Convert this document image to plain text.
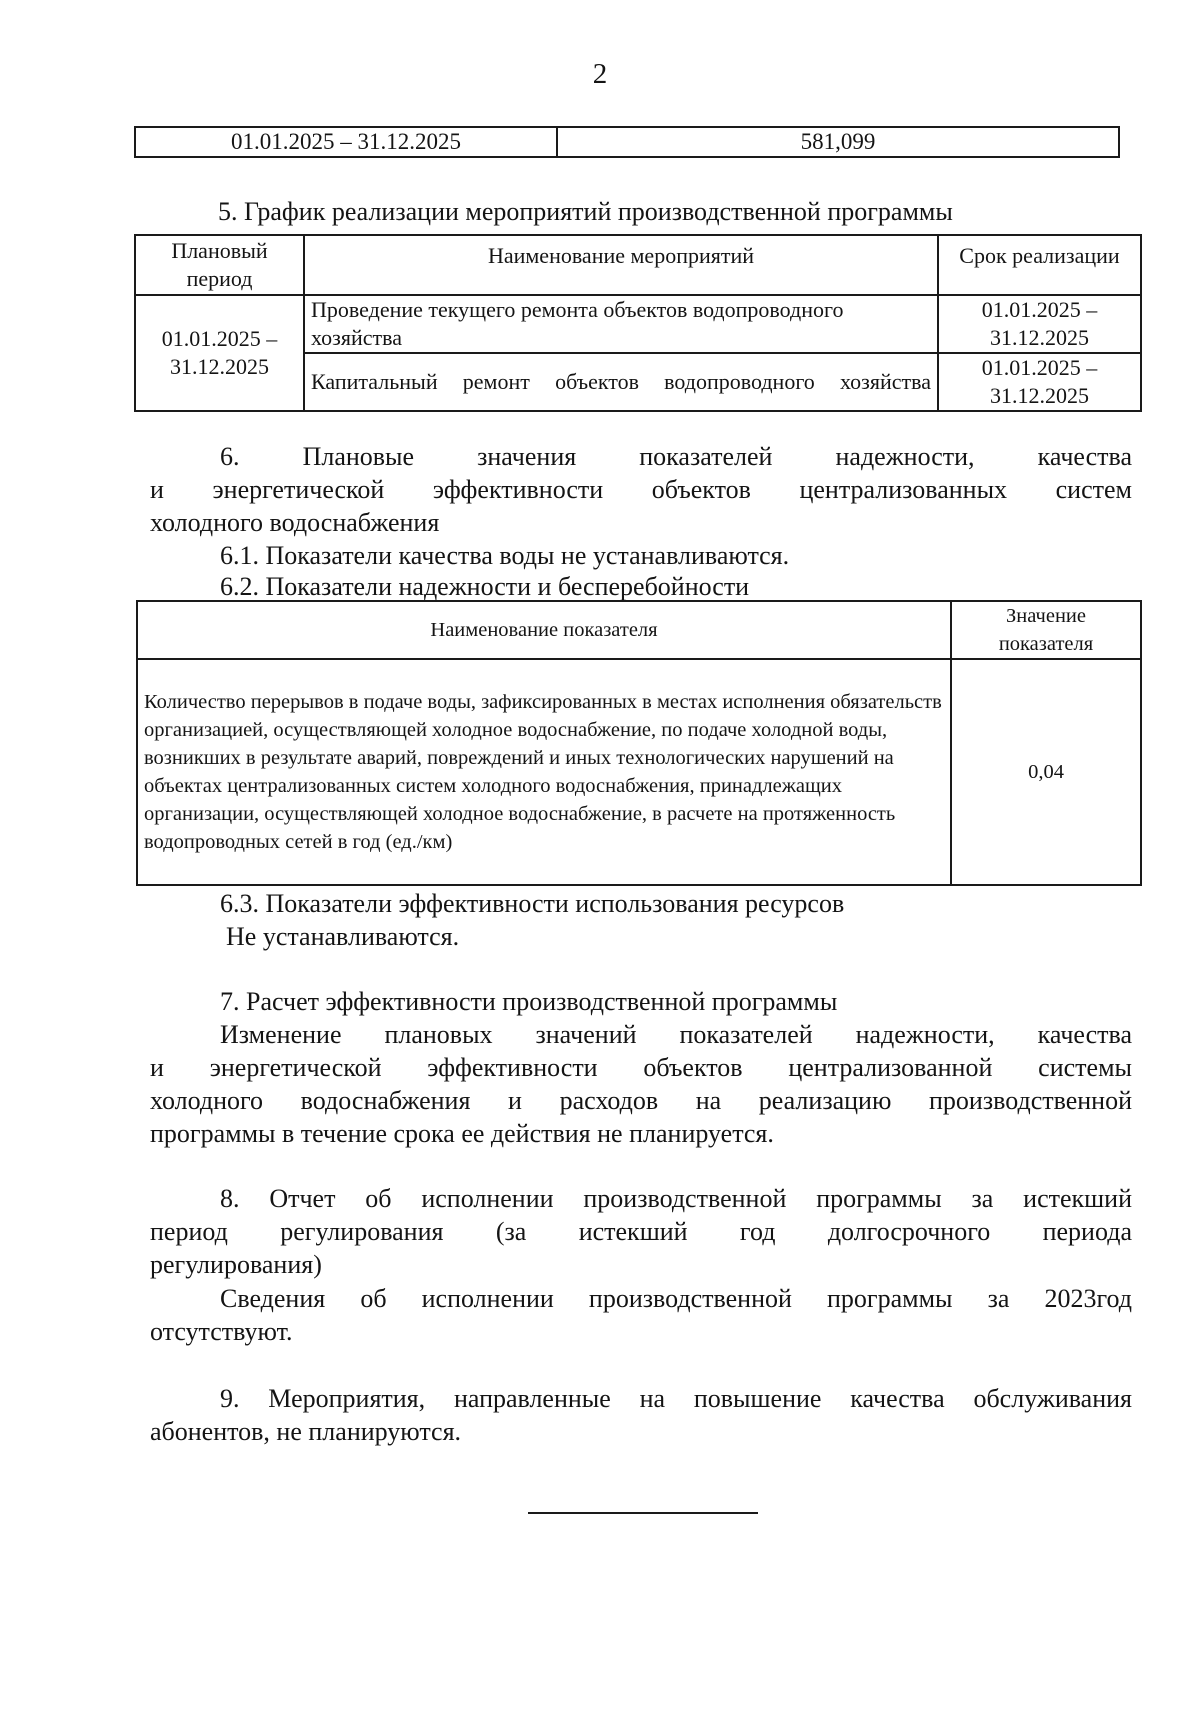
2
01.01.2025 – 31.12.2025	581,099
5. График реализации мероприятий производственной программы
Плановый период	Наименование мероприятий	Срок реализации
01.01.2025 – 31.12.2025	Проведение текущего ремонта объектов водопроводного хозяйства	01.01.2025 – 31.12.2025

	Капитальный ремонт объектов водопроводного хозяйства	01.01.2025 – 31.12.2025
6. Плановые значения показателей надежности, качества
и энергетической эффективности объектов централизованных систем
холодного водоснабжения
6.1. Показатели качества воды не устанавливаются.
6.2. Показатели надежности и бесперебойности
Наименование показателя	Значение показателя
Количество перерывов в подаче воды, зафиксированных в местах исполнения обязательств организацией, осуществляющей холодное водоснабжение, по подаче холодной воды, возникших в результате аварий, повреждений и иных технологических нарушений на объектах централизованных систем холодного водоснабжения, принадлежащих организации, осуществляющей холодное водоснабжение, в расчете на протяженность водопроводных сетей в год (ед./км)	0,04
6.3. Показатели эффективности использования ресурсов
Не устанавливаются.
7. Расчет эффективности производственной программы
Изменение плановых значений показателей надежности, качества
и энергетической эффективности объектов централизованной системы
холодного водоснабжения и расходов на реализацию производственной
программы в течение срока ее действия не планируется.
8. Отчет об исполнении производственной программы за истекший
период регулирования (за истекший год долгосрочного периода
регулирования)
Сведения об исполнении производственной программы за 2023год
отсутствуют.
9. Мероприятия, направленные на повышение качества обслуживания
абонентов, не планируются.
